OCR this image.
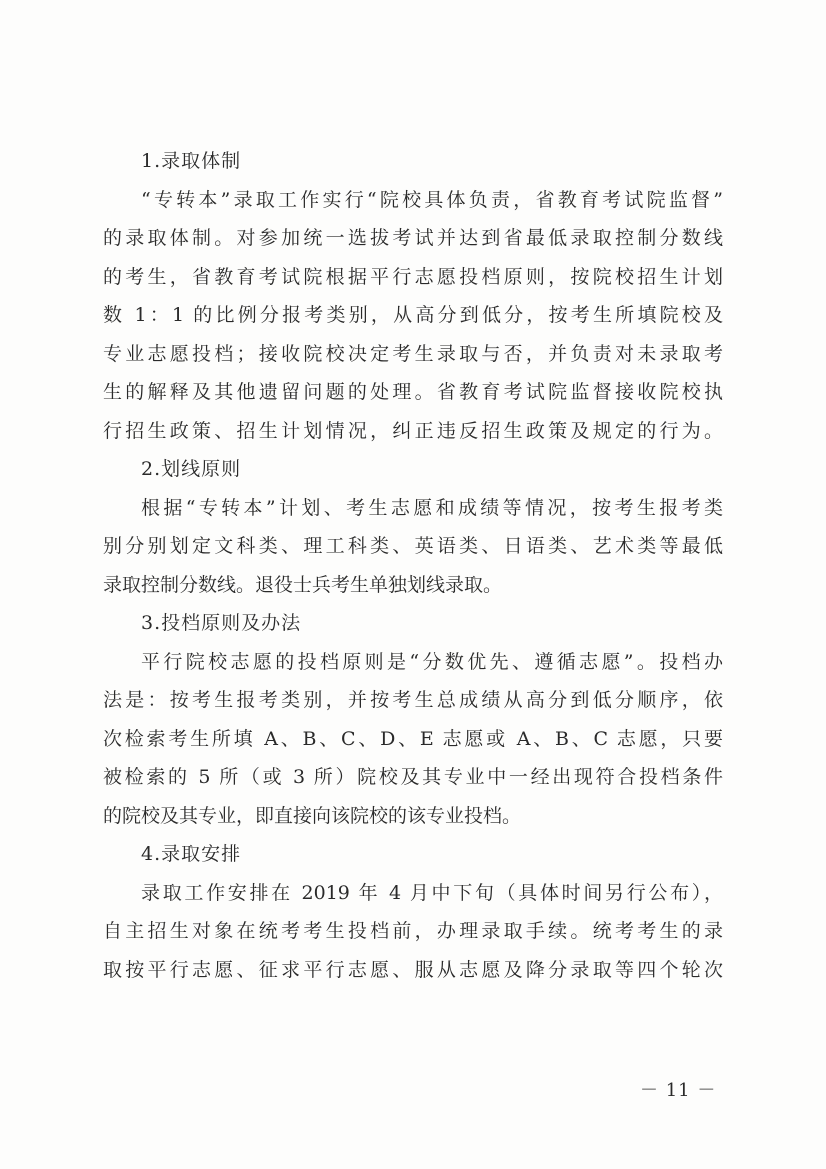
1.录取体制
“专转本”录取工作实行“院校具体负责，省教育考试院监督”
的录取体制。对参加统一选拔考试并达到省最低录取控制分数线
的考生，省教育考试院根据平行志愿投档原则，按院校招生计划
数 1：1 的比例分报考类别，从高分到低分，按考生所填院校及
专业志愿投档；接收院校决定考生录取与否，并负责对未录取考
生的解释及其他遗留问题的处理。省教育考试院监督接收院校执
行招生政策、招生计划情况，纠正违反招生政策及规定的行为。
2.划线原则
根据“专转本”计划、考生志愿和成绩等情况，按考生报考类
别分别划定文科类、理工科类、英语类、日语类、艺术类等最低
录取控制分数线。退役士兵考生单独划线录取。
3.投档原则及办法
平行院校志愿的投档原则是“分数优先、遵循志愿”。投档办
法是：按考生报考类别，并按考生总成绩从高分到低分顺序，依
次检索考生所填 A、B、C、D、E 志愿或 A、B、C 志愿，只要
被检索的 5 所（或 3 所）院校及其专业中一经出现符合投档条件
的院校及其专业，即直接向该院校的该专业投档。
4.录取安排
录取工作安排在 2019 年 4 月中下旬（具体时间另行公布），
自主招生对象在统考考生投档前，办理录取手续。统考考生的录
取按平行志愿、征求平行志愿、服从志愿及降分录取等四个轮次
－ 11 －
